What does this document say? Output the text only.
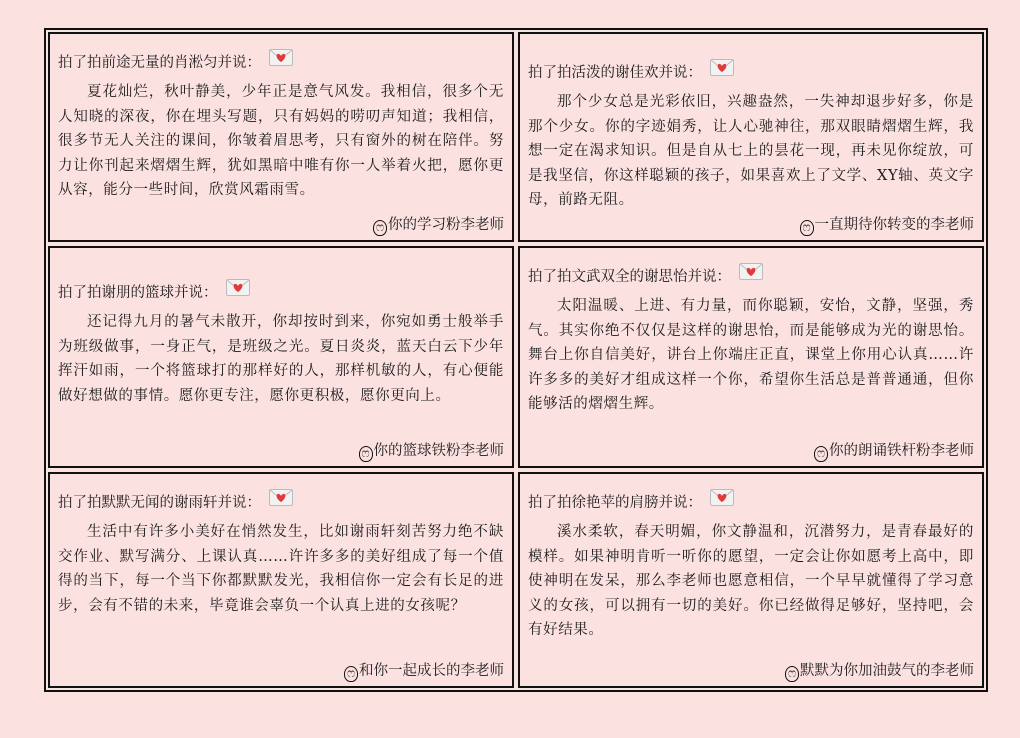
拍了拍前途无量的肖淞匀并说：
夏花灿烂，秋叶静美，少年正是意气风发。我相信，很多个无人知晓的深夜，你在埋头写题，只有妈妈的唠叨声知道；我相信，很多节无人关注的课间，你皱着眉思考，只有窗外的树在陪伴。努力让你刊起来熠熠生辉，犹如黑暗中唯有你一人举着火把，愿你更从容，能分一些时间，欣赏风霜雨雪。
ෆ 你的学习粉李老师
拍了拍活泼的谢佳欢并说：
那个少女总是光彩依旧，兴趣盎然，一失神却退步好多，你是那个少女。你的字迹娟秀，让人心驰神往，那双眼睛熠熠生辉，我想一定在渴求知识。但是自从七上的昙花一现，再未见你绽放，可是我坚信，你这样聪颖的孩子，如果喜欢上了文学、XY轴、英文字母，前路无阻。
ෆ 一直期待你转变的李老师
拍了拍谢朋的篮球并说：
还记得九月的暑气未散开，你却按时到来，你宛如勇士般举手为班级做事，一身正气，是班级之光。夏日炎炎，蓝天白云下少年挥汗如雨，一个将篮球打的那样好的人，那样机敏的人，有心便能做好想做的事情。愿你更专注，愿你更积极，愿你更向上。
ෆ 你的篮球铁粉李老师
拍了拍文武双全的谢思怡并说：
太阳温暖、上进、有力量，而你聪颖，安怡，文静，坚强，秀气。其实你绝不仅仅是这样的谢思怡，而是能够成为光的谢思怡。舞台上你自信美好，讲台上你端庄正直，课堂上你用心认真……许许多多的美好才组成这样一个你，希望你生活总是普普通通，但你能够活的熠熠生辉。
ෆ 你的朗诵铁杆粉李老师
拍了拍默默无闻的谢雨轩并说：
生活中有许多小美好在悄然发生，比如谢雨轩刻苦努力绝不缺交作业、默写满分、上课认真……许许多多的美好组成了每一个值得的当下，每一个当下你都默默发光，我相信你一定会有长足的进步，会有不错的未来，毕竟谁会辜负一个认真上进的女孩呢？
ෆ 和你一起成长的李老师
拍了拍徐艳苹的肩膀并说：
溪水柔软，春天明媚，你文静温和，沉潜努力，是青春最好的模样。如果神明肯听一听你的愿望，一定会让你如愿考上高中，即使神明在发呆，那么李老师也愿意相信，一个早早就懂得了学习意义的女孩，可以拥有一切的美好。你已经做得足够好，坚持吧，会有好结果。
ෆ 默默为你加油鼓气的李老师
